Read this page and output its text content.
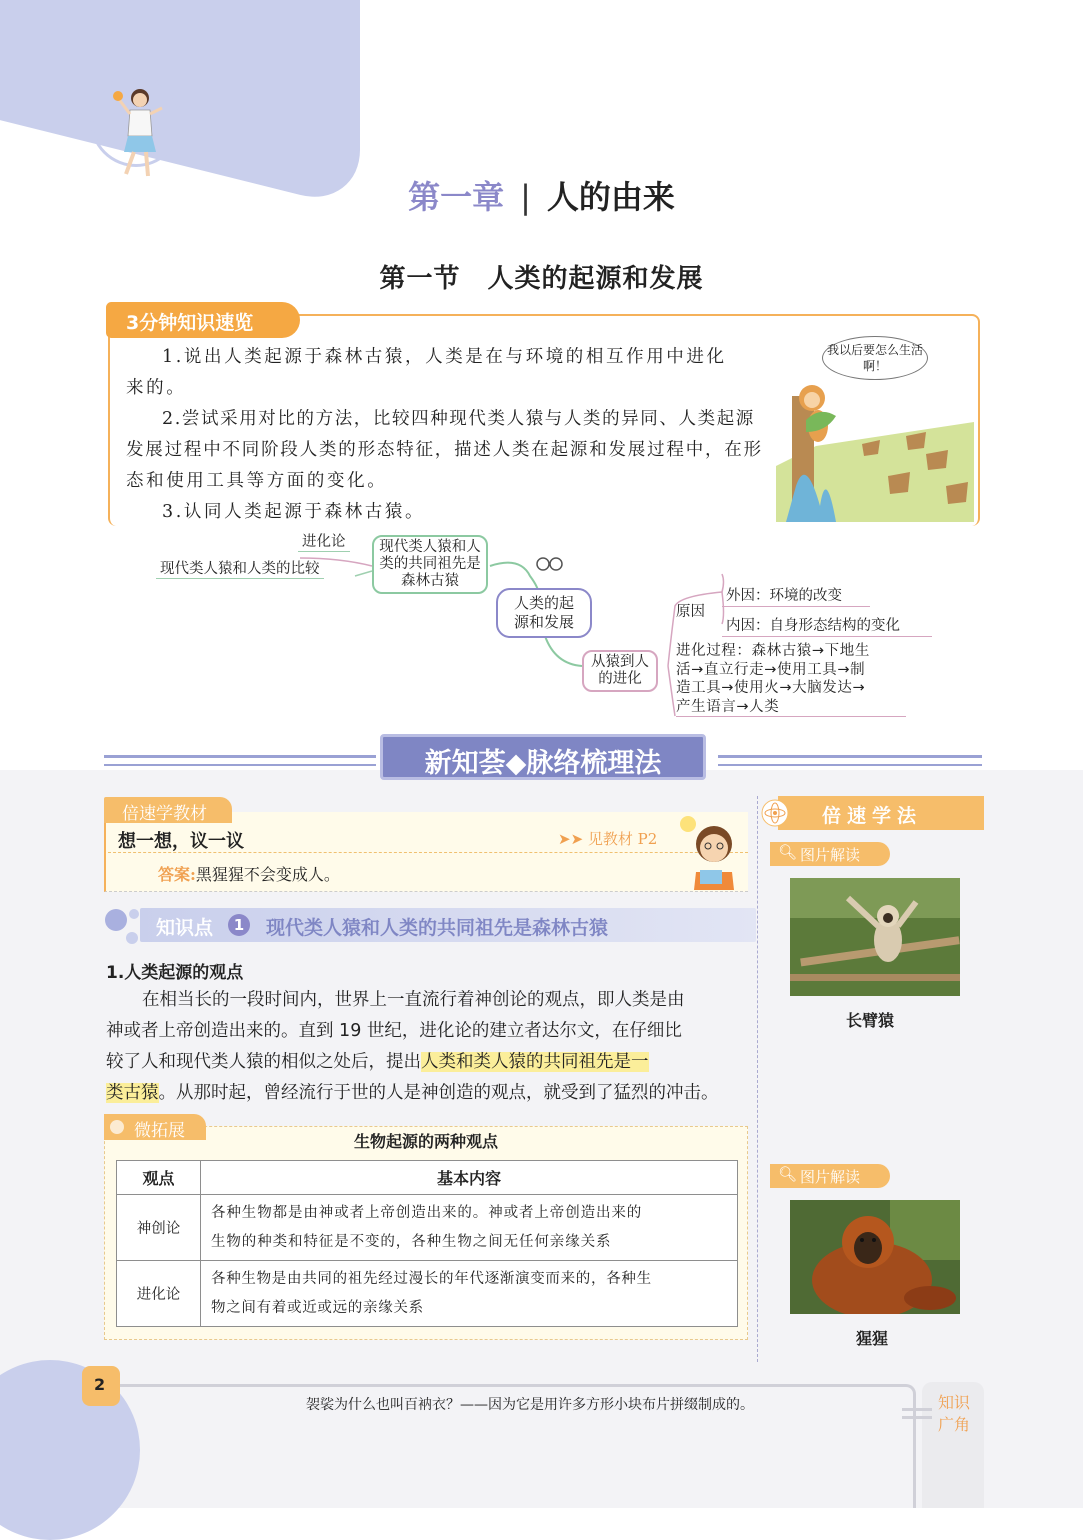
第一章 | 人的由来
第一节　人类的起源和发展
3分钟知识速览
1.说出人类起源于森林古猿，人类是在与环境的相互作用中进化
来的。
2.尝试采用对比的方法，比较四种现代类人猿与人类的异同、人类起源
发展过程中不同阶段人类的形态特征，描述人类在起源和发展过程中，在形
态和使用工具等方面的变化。
3.认同人类起源于森林古猿。
我以后要怎么生活啊！
进化论
现代类人猿和人类的比较
现代类人猿和人类的共同祖先是森林古猿
人类的起源和发展
从猿到人的进化
原因
外因：环境的改变
内因：自身形态结构的变化
进化过程：森林古猿→下地生
活→直立行走→使用工具→制
造工具→使用火→大脑发达→
产生语言→人类
新知荟◆脉络梳理法
倍速学教材
想一想，议一议	➤➤ 见教材 P2
答案:黑猩猩不会变成人。
倍速学法
🔍︎ 图片解读
长臂猿
🔍︎ 图片解读
猩猩
知识点	1	现代类人猿和人类的共同祖先是森林古猿
1.人类起源的观点
在相当长的一段时间内，世界上一直流行着神创论的观点，即人类是由
神或者上帝创造出来的。直到 19 世纪，进化论的建立者达尔文，在仔细比
较了人和现代类人猿的相似之处后，提出人类和类人猿的共同祖先是一
类古猿。从那时起，曾经流行于世的人是神创造的观点，就受到了猛烈的冲击。
微拓展
生物起源的两种观点
观点	基本内容
神创论	各种生物都是由神或者上帝创造出来的。神或者上帝创造出来的
生物的种类和特征是不变的，各种生物之间无任何亲缘关系

进化论	各种生物是由共同的祖先经过漫长的年代逐渐演变而来的，各种生
物之间有着或近或远的亲缘关系
2
袈裟为什么也叫百衲衣？——因为它是用许多方形小块布片拼缀制成的。	知识
广角
